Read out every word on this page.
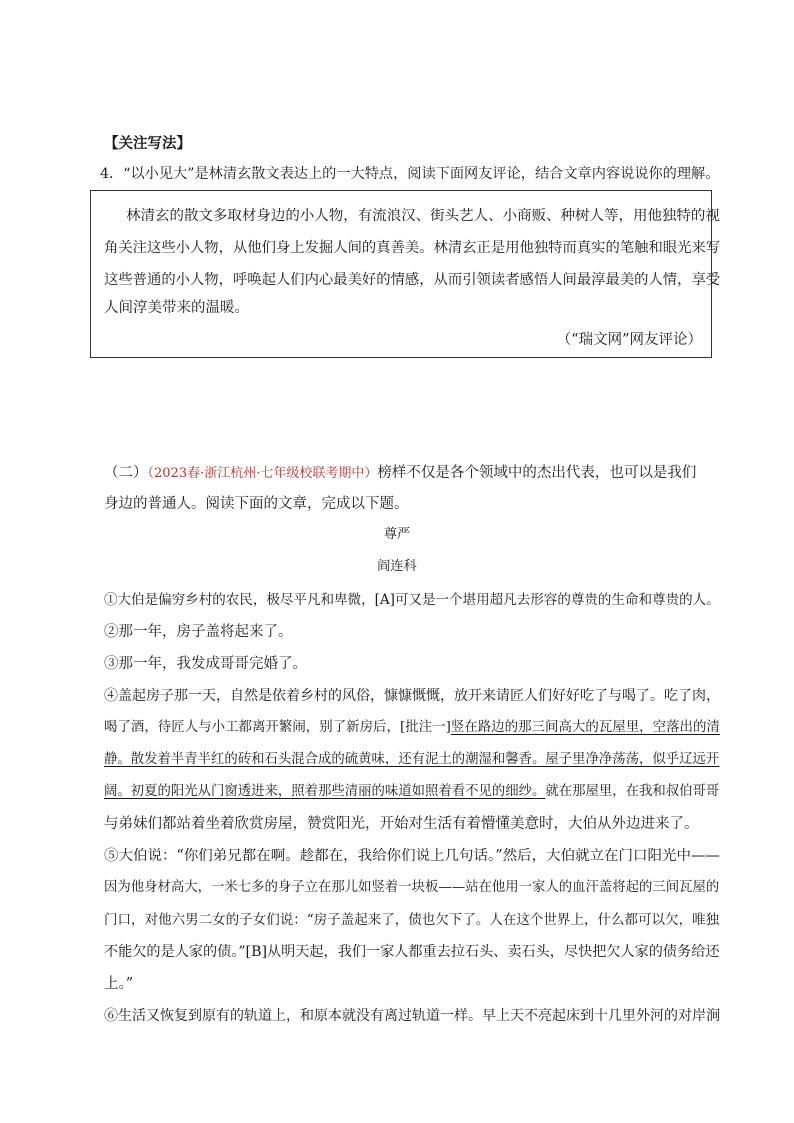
【关注写法】
4．“以小见大”是林清玄散文表达上的一大特点，阅读下面网友评论，结合文章内容说说你的理解。
林清玄的散文多取材身边的小人物，有流浪汉、街头艺人、小商贩、种树人等，用他独特的视
角关注这些小人物，从他们身上发掘人间的真善美。林清玄正是用他独特而真实的笔触和眼光来写
这些普通的小人物，呼唤起人们内心最美好的情感，从而引领读者感悟人间最淳最美的人情，享受
人间淳美带来的温暖。
（“瑞文网”网友评论）
（二）（2023春·浙江杭州·七年级校联考期中）榜样不仅是各个领域中的杰出代表，也可以是我们
身边的普通人。阅读下面的文章，完成以下题。
尊严
阎连科
①大伯是偏穷乡村的农民，极尽平凡和卑微，[A]可又是一个堪用超凡去形容的尊贵的生命和尊贵的人。
②那一年，房子盖将起来了。
③那一年，我发成哥哥完婚了。
④盖起房子那一天，自然是依着乡村的风俗，慷慷慨慨，放开来请匠人们好好吃了与喝了。吃了肉，
喝了酒，待匠人与小工都离开繁闹，别了新房后，[批注一]竖在路边的那三间高大的瓦屋里，空落出的清
静。散发着半青半红的砖和石头混合成的硫黄味，还有泥土的潮湿和馨香。屋子里净净荡荡，似乎辽远开
阔。初夏的阳光从门窗透进来，照着那些清丽的味道如照着看不见的细纱。就在那屋里，在我和叔伯哥哥
与弟妹们都站着坐着欣赏房屋，赞赏阳光，开始对生活有着懵懂美意时，大伯从外边进来了。
⑤大伯说：“你们弟兄都在啊。趁都在，我给你们说上几句话。”然后，大伯就立在门口阳光中——
因为他身材高大，一米七多的身子立在那儿如竖着一块板——站在他用一家人的血汗盖将起的三间瓦屋的
门口，对他六男二女的子女们说：“房子盖起来了，债也欠下了。人在这个世界上，什么都可以欠，唯独
不能欠的是人家的债。”[B]从明天起，我们一家人都重去拉石头、卖石头，尽快把欠人家的债务给还
上。”
⑥生活又恢复到原有的轨道上，和原本就没有离过轨道一样。早上天不亮起床到十几里外河的对岸涧
